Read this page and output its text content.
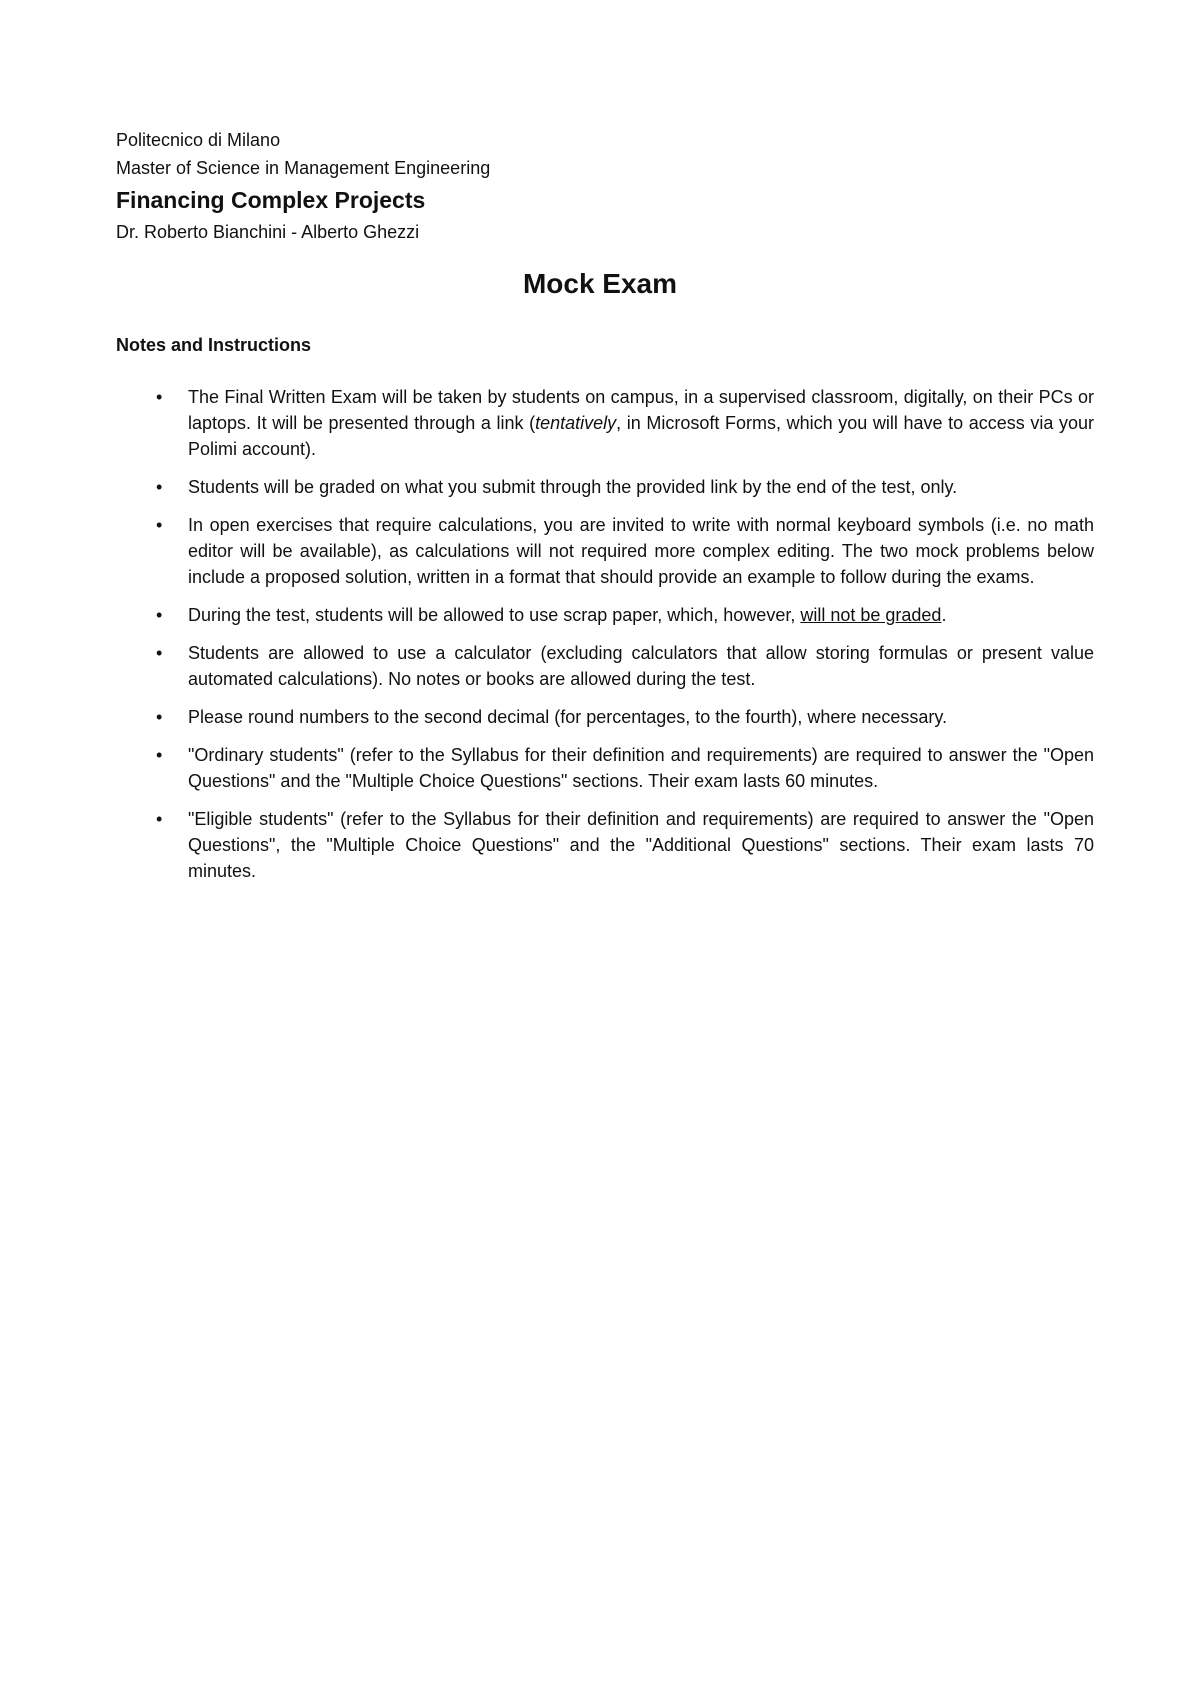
Politecnico di Milano

Master of Science in Management Engineering

Financing Complex Projects

Dr. Roberto Bianchini - Alberto Ghezzi

Mock Exam
Notes and Instructions
• The Final Written Exam will be taken by students on campus, in a supervised classroom, digitally, on their PCs or laptops. It will be presented through a link (tentatively, in Microsoft Forms, which you will have to access via your Polimi account).
• Students will be graded on what you submit through the provided link by the end of the test, only.
• In open exercises that require calculations, you are invited to write with normal keyboard symbols (i.e. no math editor will be available), as calculations will not required more complex editing. The two mock problems below include a proposed solution, written in a format that should provide an example to follow during the exams.
• During the test, students will be allowed to use scrap paper, which, however, will not be graded.
• Students are allowed to use a calculator (excluding calculators that allow storing formulas or present value automated calculations). No notes or books are allowed during the test.
• Please round numbers to the second decimal (for percentages, to the fourth), where necessary.
• "Ordinary students" (refer to the Syllabus for their definition and requirements) are required to answer the "Open Questions" and the "Multiple Choice Questions" sections. Their exam lasts 60 minutes.
• "Eligible students" (refer to the Syllabus for their definition and requirements) are required to answer the "Open Questions", the "Multiple Choice Questions" and the "Additional Questions" sections. Their exam lasts 70 minutes.
